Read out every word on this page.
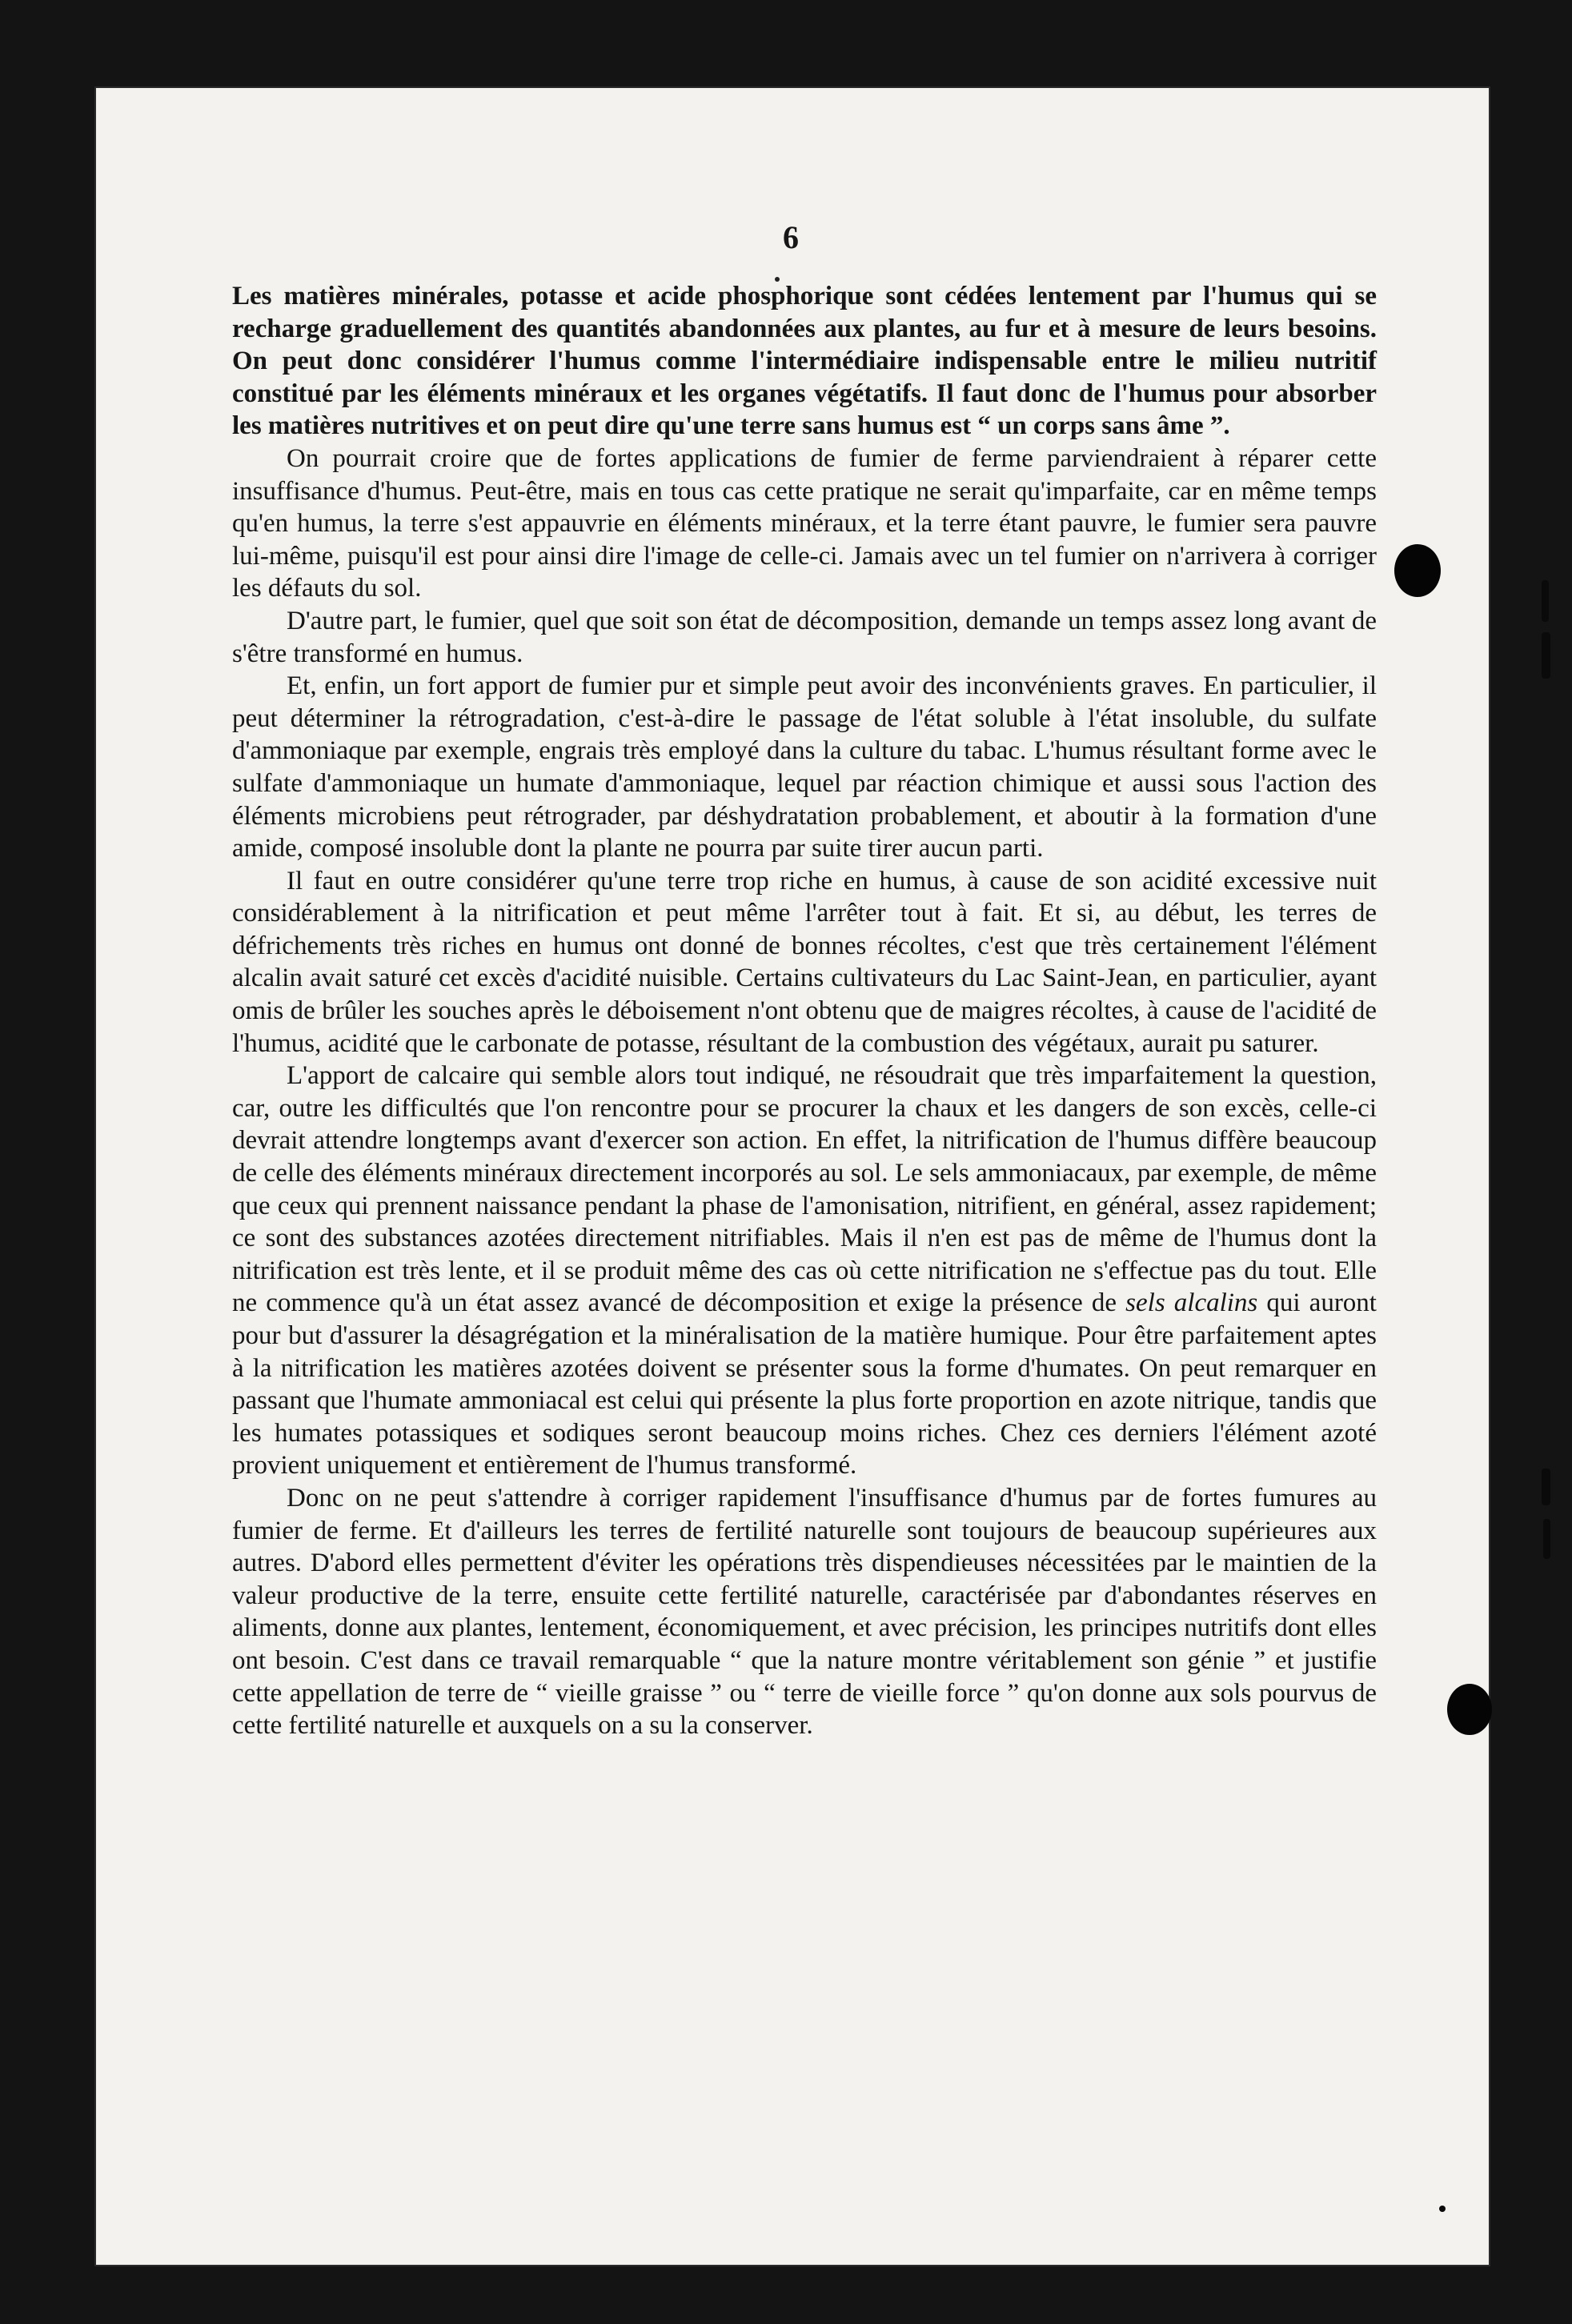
6

Les matières minérales, potasse et acide phosphorique sont cédées lentement par l'humus qui se recharge graduellement des quantités abandonnées aux plantes, au fur et à mesure de leurs besoins. On peut donc considérer l'humus comme l'intermédiaire indispensable entre le milieu nutritif constitué par les éléments minéraux et les organes végétatifs. Il faut donc de l'humus pour absorber les matières nutritives et on peut dire qu'une terre sans humus est “ un corps sans âme ”.

On pourrait croire que de fortes applications de fumier de ferme parviendraient à réparer cette insuffisance d'humus. Peut-être, mais en tous cas cette pratique ne serait qu'imparfaite, car en même temps qu'en humus, la terre s'est appauvrie en éléments minéraux, et la terre étant pauvre, le fumier sera pauvre lui-même, puisqu'il est pour ainsi dire l'image de celle-ci. Jamais avec un tel fumier on n'arrivera à corriger les défauts du sol.

D'autre part, le fumier, quel que soit son état de décomposition, demande un temps assez long avant de s'être transformé en humus.

Et, enfin, un fort apport de fumier pur et simple peut avoir des inconvénients graves. En particulier, il peut déterminer la rétrogradation, c'est-à-dire le passage de l'état soluble à l'état insoluble, du sulfate d'ammoniaque par exemple, engrais très employé dans la culture du tabac. L'humus résultant forme avec le sulfate d'ammoniaque un humate d'ammoniaque, lequel par réaction chimique et aussi sous l'action des éléments microbiens peut rétrograder, par déshydratation probablement, et aboutir à la formation d'une amide, composé insoluble dont la plante ne pourra par suite tirer aucun parti.

Il faut en outre considérer qu'une terre trop riche en humus, à cause de son acidité excessive nuit considérablement à la nitrification et peut même l'arrêter tout à fait. Et si, au début, les terres de défrichements très riches en humus ont donné de bonnes récoltes, c'est que très certainement l'élément alcalin avait saturé cet excès d'acidité nuisible. Certains cultivateurs du Lac Saint-Jean, en particulier, ayant omis de brûler les souches après le déboisement n'ont obtenu que de maigres récoltes, à cause de l'acidité de l'humus, acidité que le carbonate de potasse, résultant de la combustion des végétaux, aurait pu saturer.

L'apport de calcaire qui semble alors tout indiqué, ne résoudrait que très imparfaitement la question, car, outre les difficultés que l'on rencontre pour se procurer la chaux et les dangers de son excès, celle-ci devrait attendre longtemps avant d'exercer son action. En effet, la nitrification de l'humus diffère beaucoup de celle des éléments minéraux directement incorporés au sol. Le sels ammoniacaux, par exemple, de même que ceux qui prennent naissance pendant la phase de l'amonisation, nitrifient, en général, assez rapidement; ce sont des substances azotées directement nitrifiables. Mais il n'en est pas de même de l'humus dont la nitrification est très lente, et il se produit même des cas où cette nitrification ne s'effectue pas du tout. Elle ne commence qu'à un état assez avancé de décomposition et exige la présence de sels alcalins qui auront pour but d'assurer la désagrégation et la minéralisation de la matière humique. Pour être parfaitement aptes à la nitrification les matières azotées doivent se présenter sous la forme d'humates. On peut remarquer en passant que l'humate ammoniacal est celui qui présente la plus forte proportion en azote nitrique, tandis que les humates potassiques et sodiques seront beaucoup moins riches. Chez ces derniers l'élément azoté provient uniquement et entièrement de l'humus transformé.

Donc on ne peut s'attendre à corriger rapidement l'insuffisance d'humus par de fortes fumures au fumier de ferme. Et d'ailleurs les terres de fertilité naturelle sont toujours de beaucoup supérieures aux autres. D'abord elles permettent d'éviter les opérations très dispendieuses nécessitées par le maintien de la valeur productive de la terre, ensuite cette fertilité naturelle, caractérisée par d'abondantes réserves en aliments, donne aux plantes, lentement, économiquement, et avec précision, les principes nutritifs dont elles ont besoin. C'est dans ce travail remarquable “ que la nature montre véritablement son génie ” et justifie cette appellation de terre de “ vieille graisse ” ou “ terre de vieille force ” qu'on donne aux sols pourvus de cette fertilité naturelle et auxquels on a su la conserver.
